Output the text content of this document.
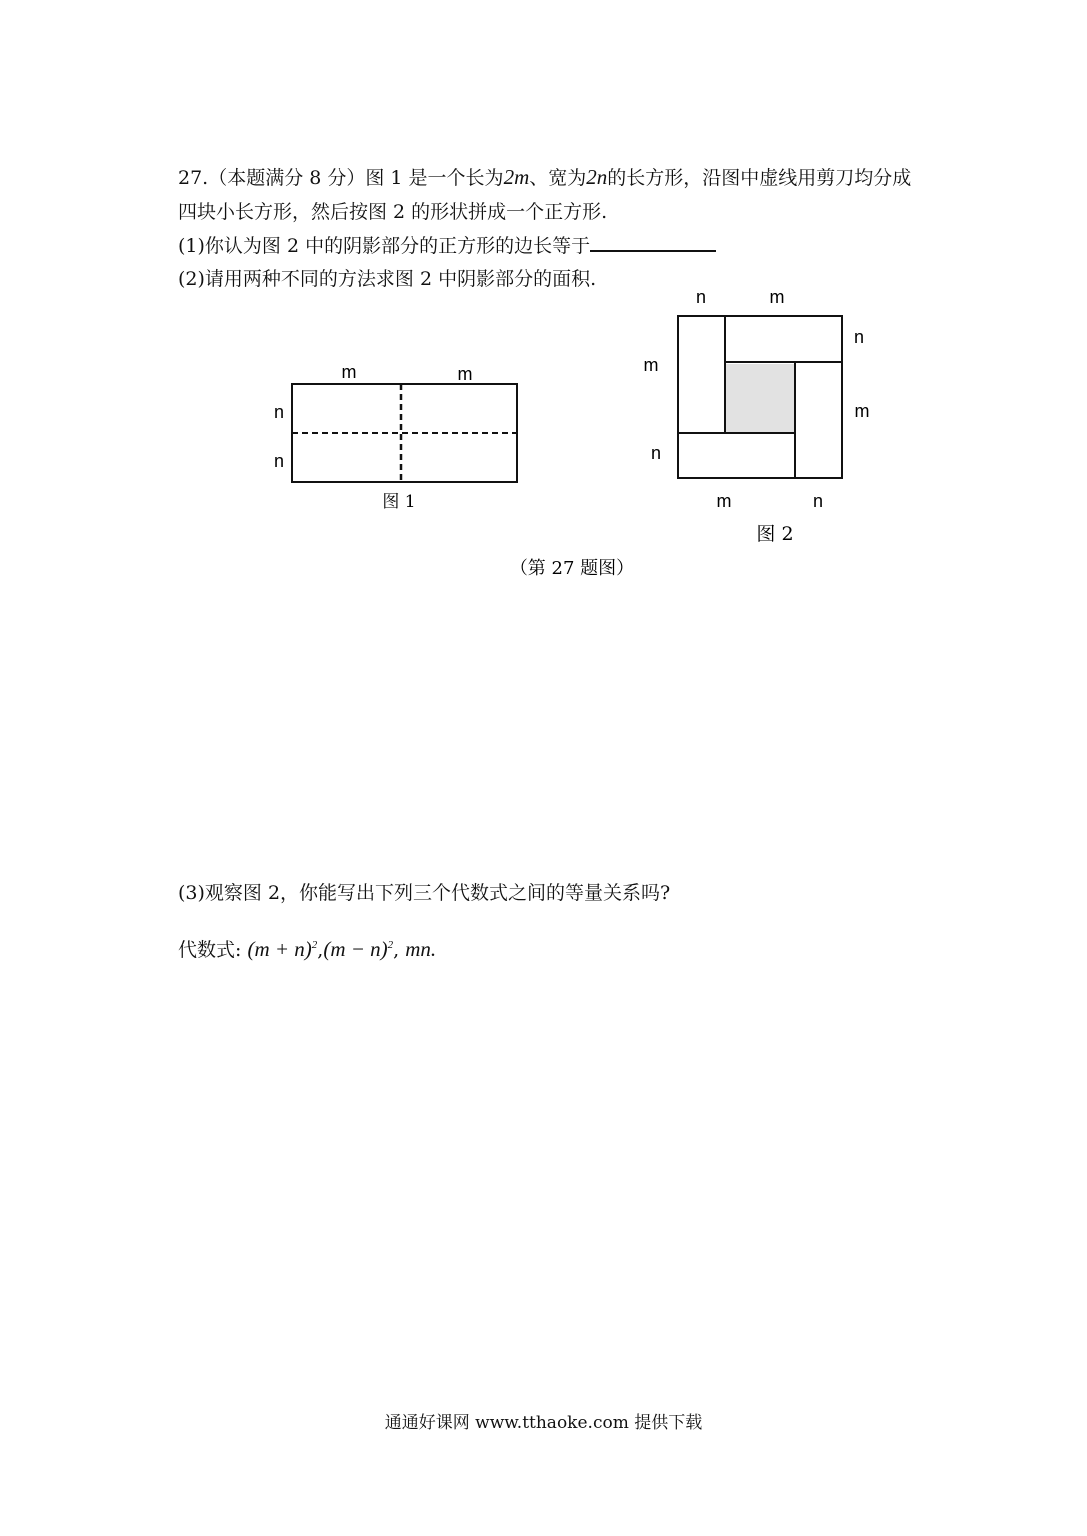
27.（本题满分 8 分）图 1 是一个长为2m、宽为2n的长方形，沿图中虚线用剪刀均分成
四块小长方形，然后按图 2 的形状拼成一个正方形.
(1)你认为图 2 中的阴影部分的正方形的边长等于
(2)请用两种不同的方法求图 2 中阴影部分的面积.
m	m
n
n
图 1
n	m
n
m
m
n
m	n
图 2
（第 27 题图）
(3)观察图 2，你能写出下列三个代数式之间的等量关系吗?
代数式: $(m + n)^2,(m - n)^2$, mn.
通通好课网 www.tthaoke.com 提供下载
